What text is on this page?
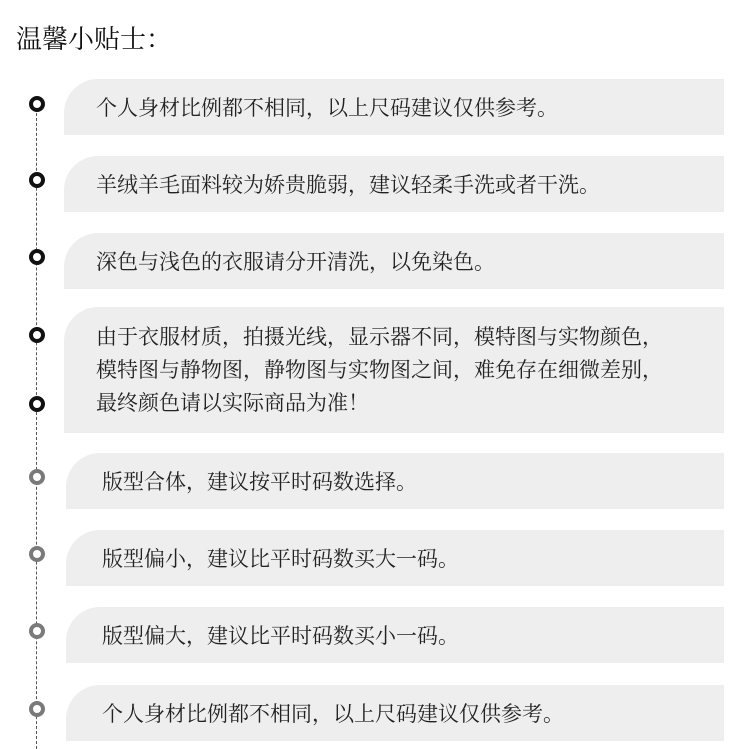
温馨小贴士：
个人身材比例都不相同，以上尺码建议仅供参考。
羊绒羊毛面料较为娇贵脆弱，建议轻柔手洗或者干洗。
深色与浅色的衣服请分开清洗，以免染色。
由于衣服材质，拍摄光线，显示器不同，模特图与实物颜色，
模特图与静物图，静物图与实物图之间，难免存在细微差别，
最终颜色请以实际商品为准！
版型合体，建议按平时码数选择。
版型偏小，建议比平时码数买大一码。
版型偏大，建议比平时码数买小一码。
个人身材比例都不相同，以上尺码建议仅供参考。
